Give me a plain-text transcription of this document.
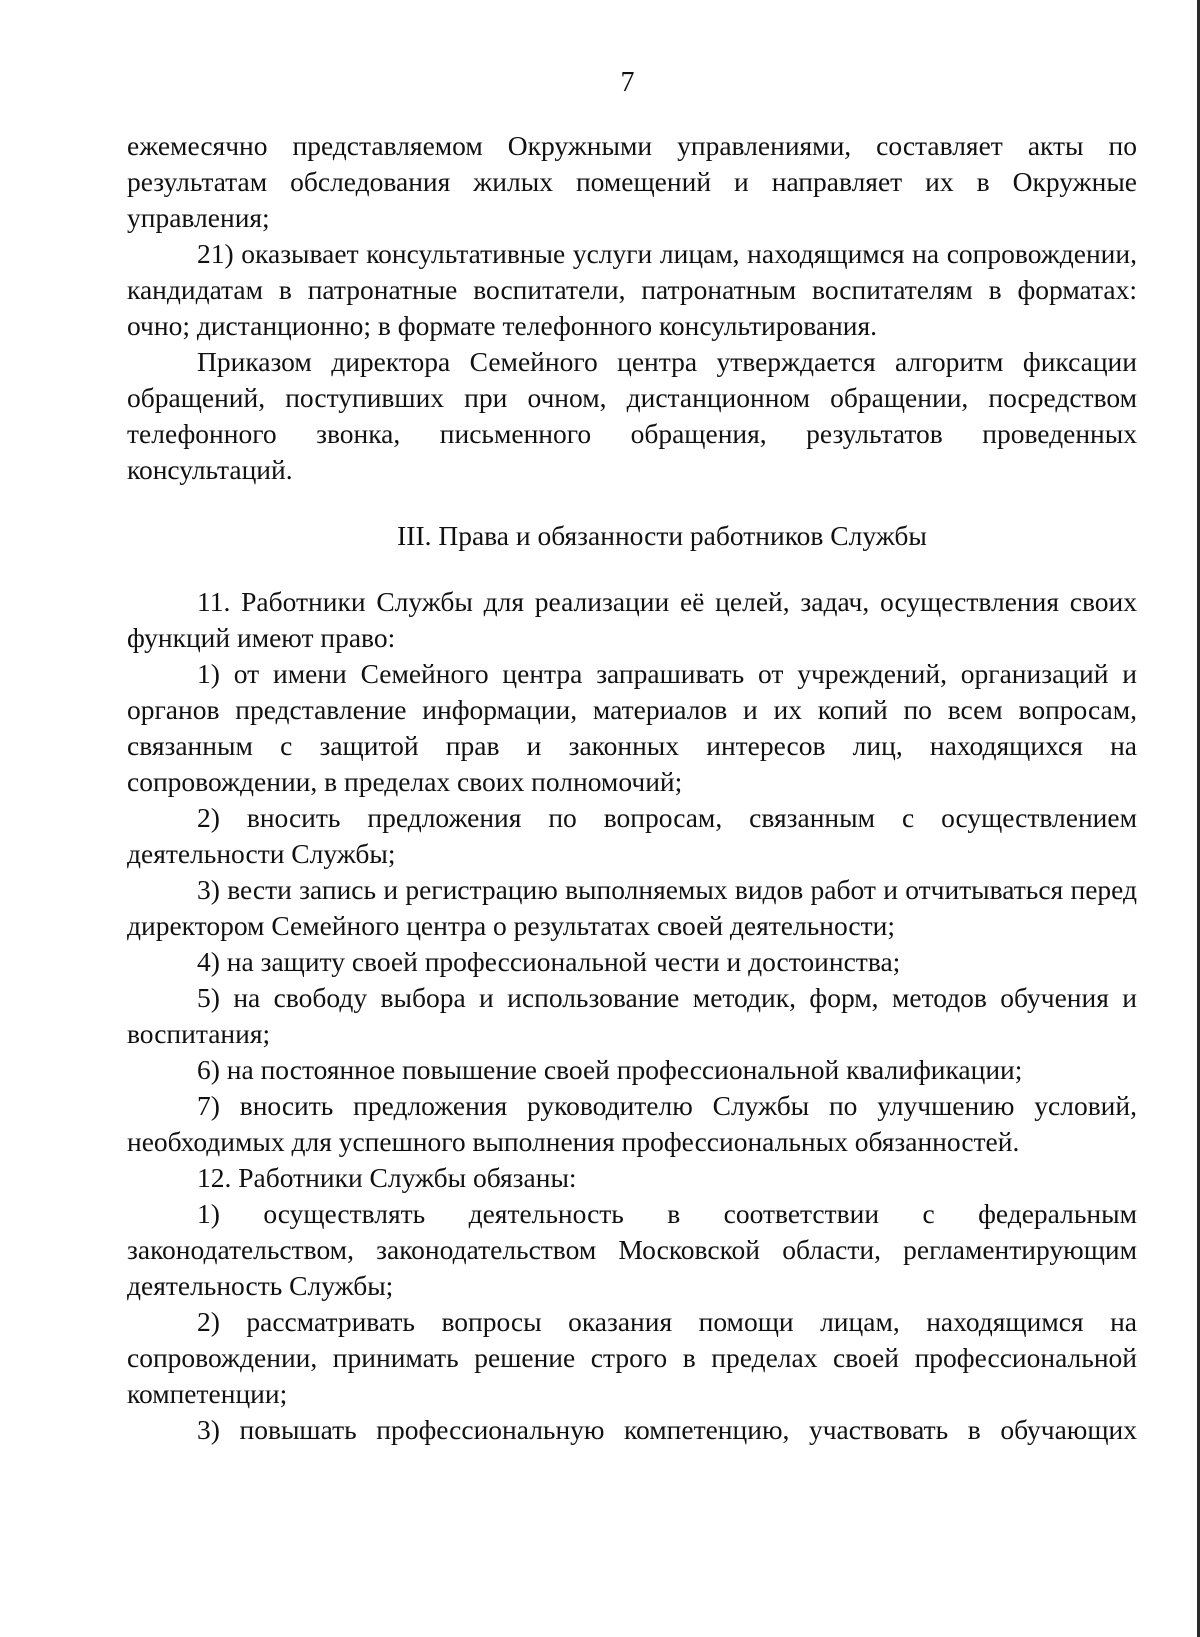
7

ежемесячно представляемом Окружными управлениями, составляет акты по результатам обследования жилых помещений и направляет их в Окружные управления;

21) оказывает консультативные услуги лицам, находящимся на сопровождении, кандидатам в патронатные воспитатели, патронатным воспитателям в форматах: очно; дистанционно; в формате телефонного консультирования.

Приказом директора Семейного центра утверждается алгоритм фиксации обращений, поступивших при очном, дистанционном обращении, посредством телефонного звонка, письменного обращения, результатов проведенных консультаций.

III. Права и обязанности работников Службы

11. Работники Службы для реализации её целей, задач, осуществления своих функций имеют право:

1) от имени Семейного центра запрашивать от учреждений, организаций и органов представление информации, материалов и их копий по всем вопросам, связанным с защитой прав и законных интересов лиц, находящихся на сопровождении, в пределах своих полномочий;

2) вносить предложения по вопросам, связанным с осуществлением деятельности Службы;

3) вести запись и регистрацию выполняемых видов работ и отчитываться перед директором Семейного центра о результатах своей деятельности;

4) на защиту своей профессиональной чести и достоинства;

5) на свободу выбора и использование методик, форм, методов обучения и воспитания;

6) на постоянное повышение своей профессиональной квалификации;

7) вносить предложения руководителю Службы по улучшению условий, необходимых для успешного выполнения профессиональных обязанностей.

12. Работники Службы обязаны:

1) осуществлять деятельность в соответствии с федеральным законодательством, законодательством Московской области, регламентирующим деятельность Службы;

2) рассматривать вопросы оказания помощи лицам, находящимся на сопровождении, принимать решение строго в пределах своей профессиональной компетенции;

3) повышать профессиональную компетенцию, участвовать в обучающих
